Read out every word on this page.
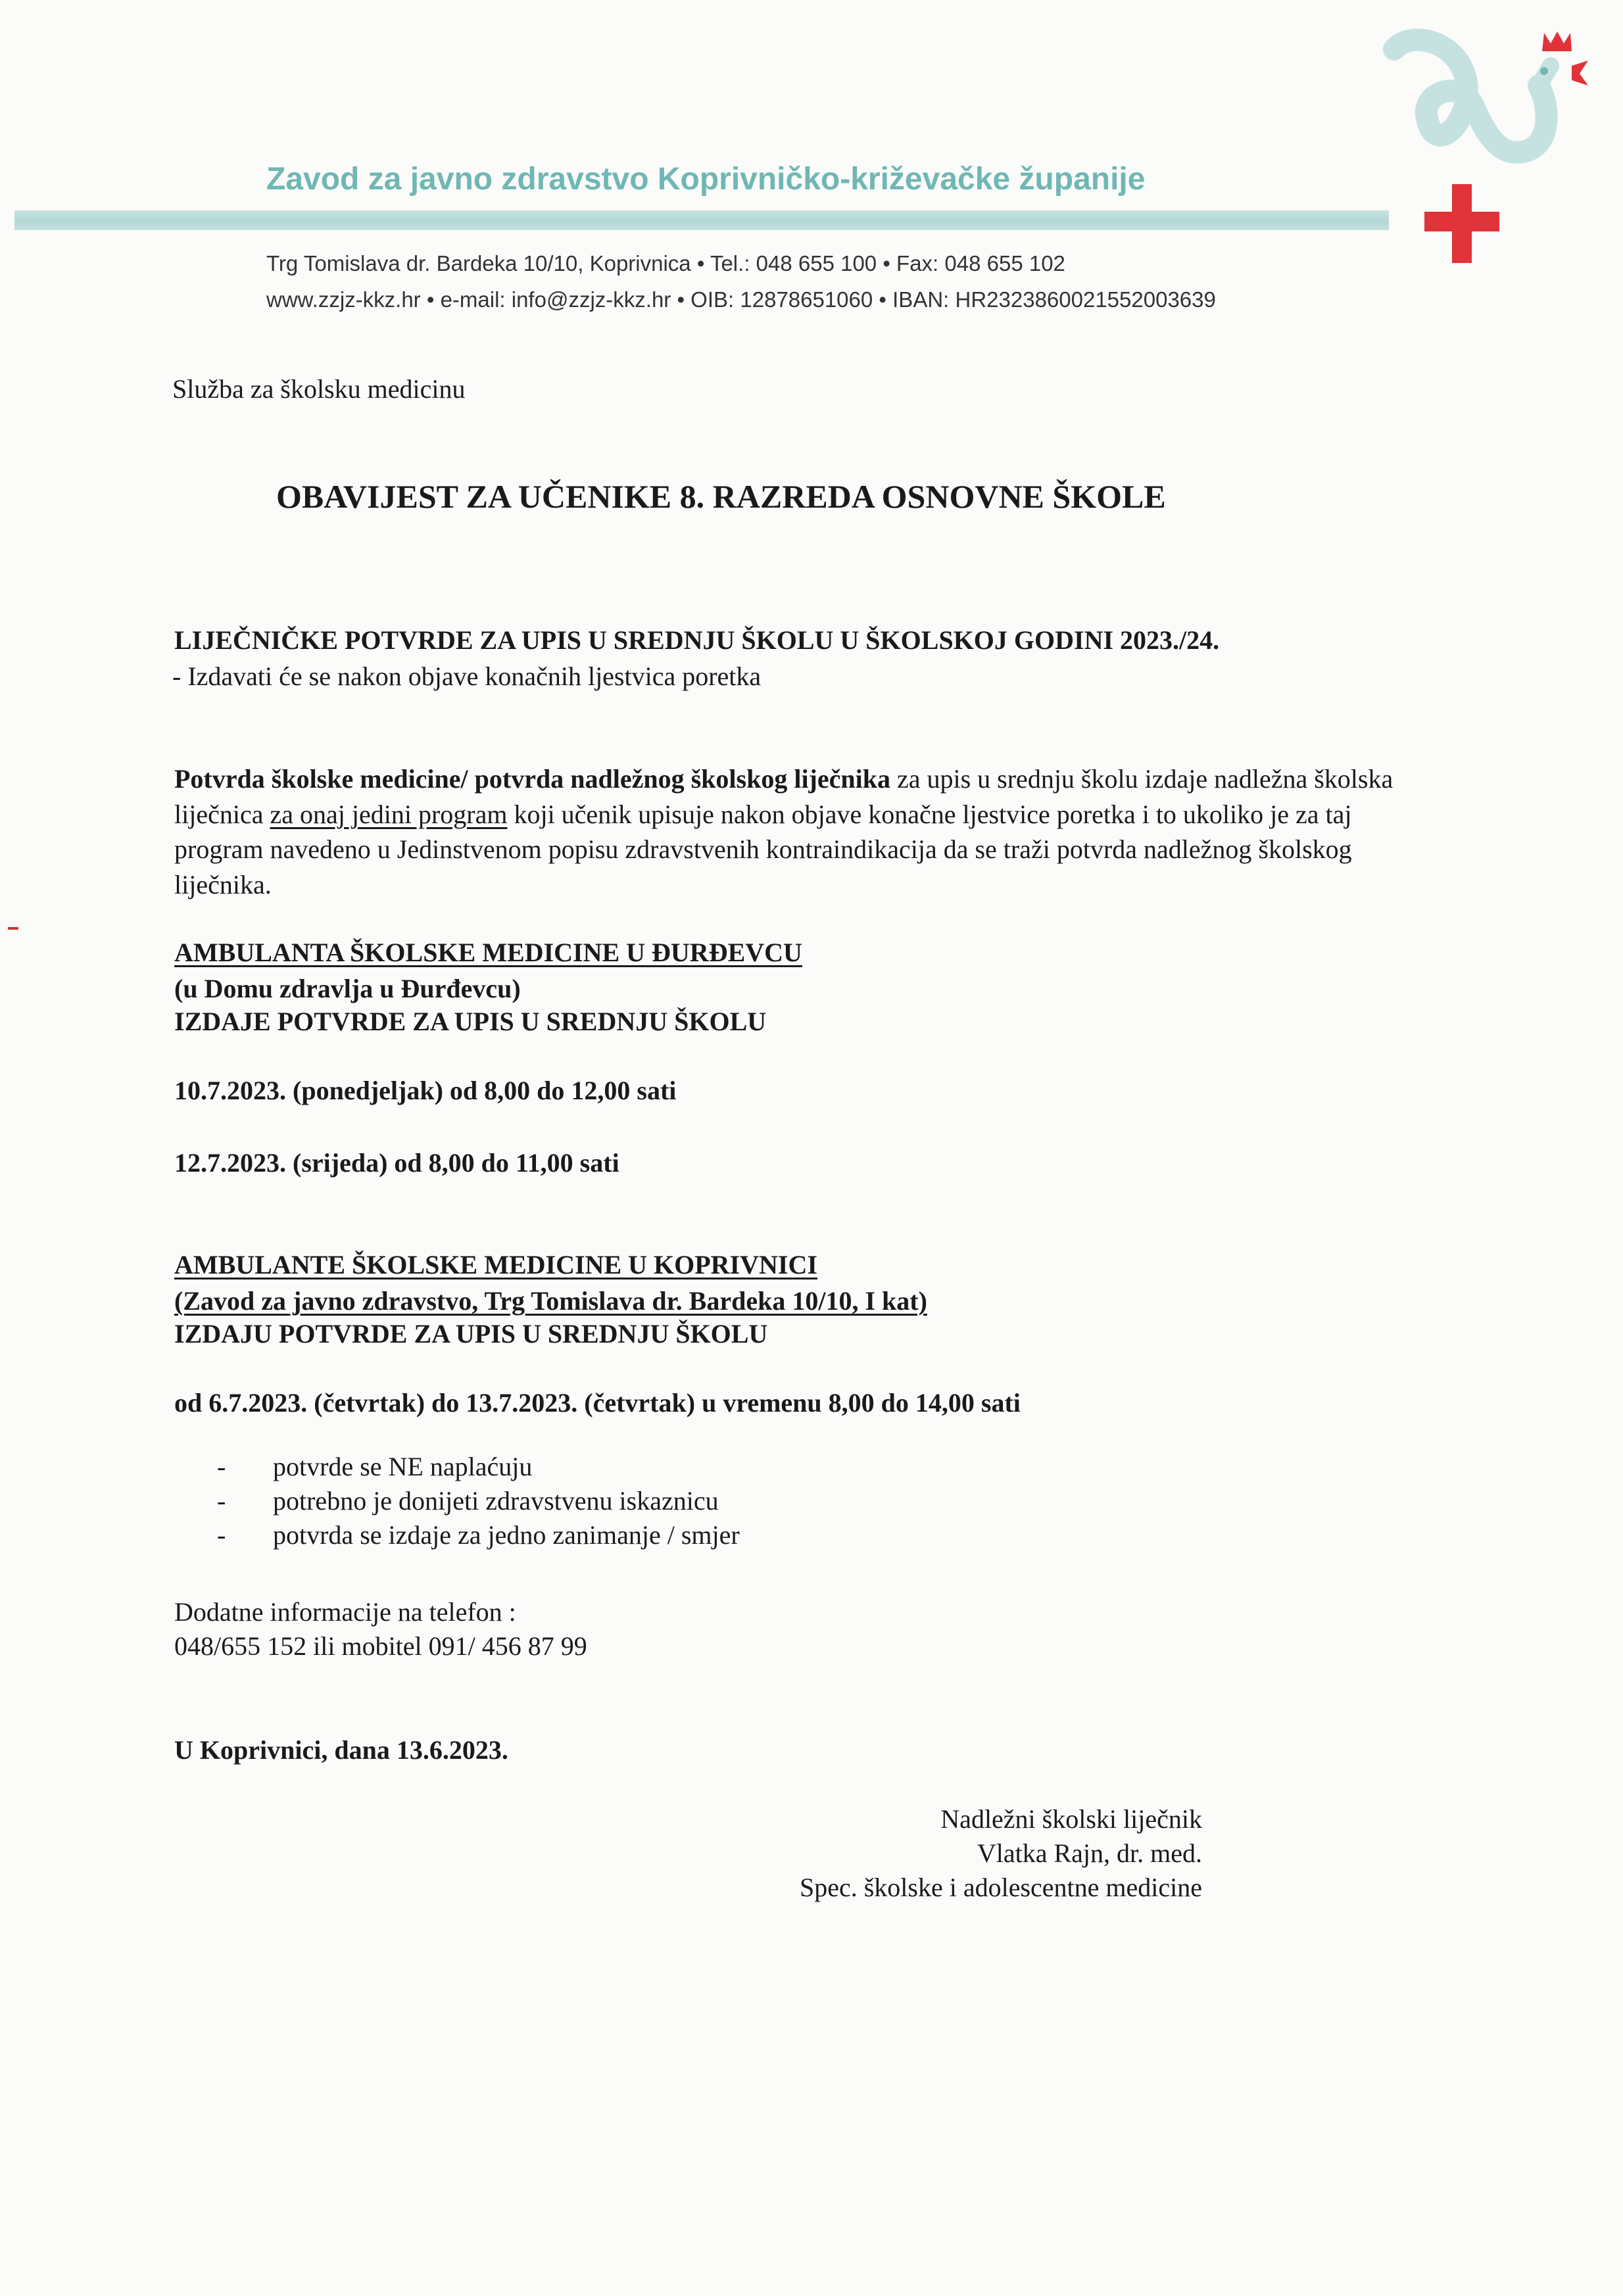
Zavod za javno zdravstvo Koprivničko-križevačke županije
Trg Tomislava dr. Bardeka 10/10, Koprivnica • Tel.: 048 655 100 • Fax: 048 655 102
www.zzjz-kkz.hr • e-mail: info@zzjz-kkz.hr • OIB: 12878651060 • IBAN: HR2323860021552003639
Služba za školsku medicinu
OBAVIJEST ZA UČENIKE 8. RAZREDA OSNOVNE ŠKOLE
LIJEČNIČKE POTVRDE ZA UPIS U SREDNJU ŠKOLU U ŠKOLSKOJ GODINI 2023./24.
- Izdavati će se nakon objave konačnih ljestvica poretka
Potvrda školske medicine/ potvrda nadležnog školskog liječnika za upis u srednju školu izdaje nadležna školska liječnica za onaj jedini program koji učenik upisuje nakon objave konačne ljestvice poretka i to ukoliko je za taj program navedeno u Jedinstvenom popisu zdravstvenih kontraindikacija da se traži potvrda nadležnog školskog liječnika.
AMBULANTA ŠKOLSKE MEDICINE U ĐURĐEVCU
(u Domu zdravlja u Đurđevcu)
IZDAJE POTVRDE ZA UPIS U SREDNJU ŠKOLU
10.7.2023. (ponedjeljak) od 8,00 do 12,00 sati
12.7.2023. (srijeda) od 8,00 do 11,00 sati
AMBULANTE ŠKOLSKE MEDICINE U KOPRIVNICI
(Zavod za javno zdravstvo, Trg Tomislava dr. Bardeka 10/10, I kat)
IZDAJU POTVRDE ZA UPIS U SREDNJU ŠKOLU
od 6.7.2023. (četvrtak) do 13.7.2023. (četvrtak) u vremenu 8,00 do 14,00 sati
-	potvrde se NE naplaćuju
-	potrebno je donijeti zdravstvenu iskaznicu
-	potvrda se izdaje za jedno zanimanje / smjer
Dodatne informacije na telefon :
048/655 152 ili mobitel 091/ 456 87 99
U Koprivnici, dana 13.6.2023.
Nadležni školski liječnik
Vlatka Rajn, dr. med.
Spec. školske i adolescentne medicine
